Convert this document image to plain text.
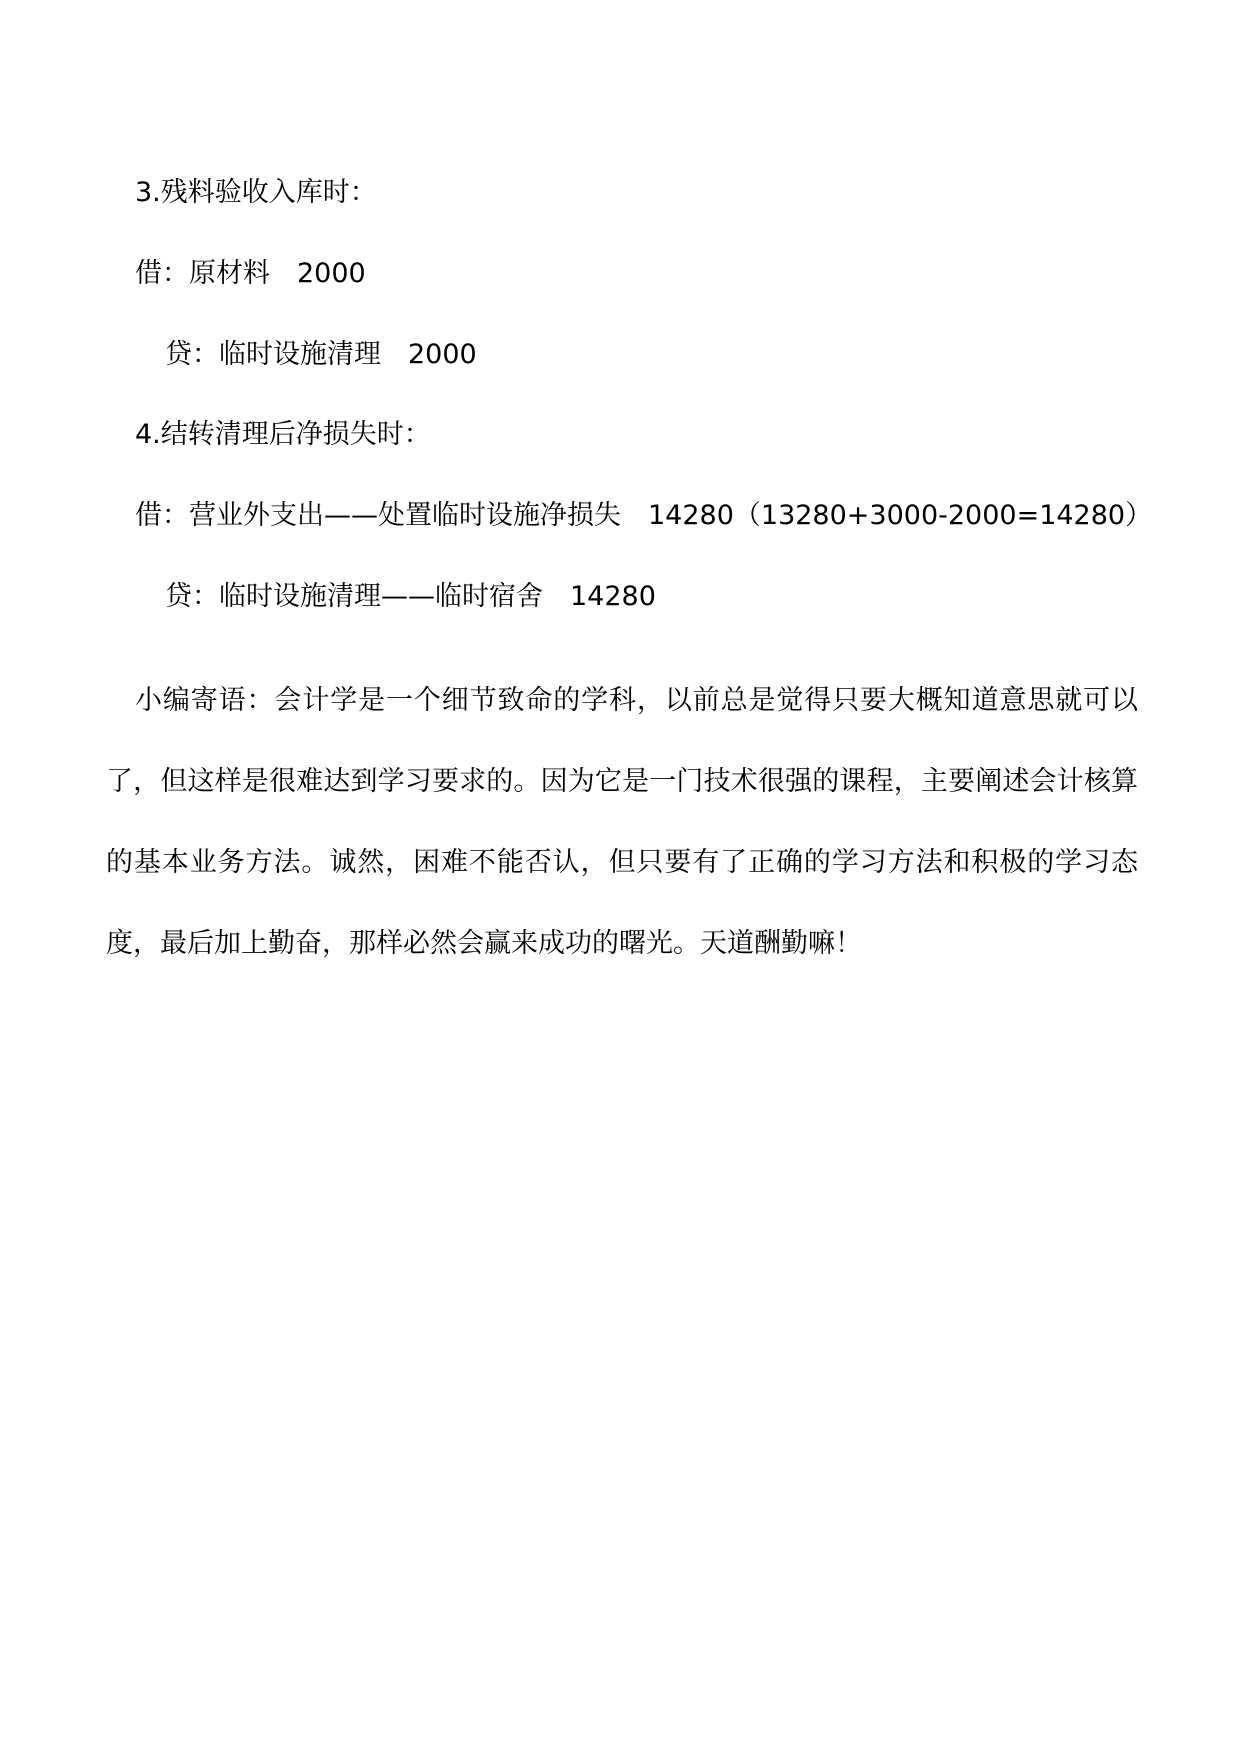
3.残料验收入库时：
借：原材料　2000
贷：临时设施清理　2000
4.结转清理后净损失时：
借：营业外支出——处置临时设施净损失　14280（13280+3000-2000=14280）
贷：临时设施清理——临时宿舍　14280

小编寄语：会计学是一个细节致命的学科，以前总是觉得只要大概知道意思就可以了，但这样是很难达到学习要求的。因为它是一门技术很强的课程，主要阐述会计核算的基本业务方法。诚然，困难不能否认，但只要有了正确的学习方法和积极的学习态度，最后加上勤奋，那样必然会赢来成功的曙光。天道酬勤嘛！
